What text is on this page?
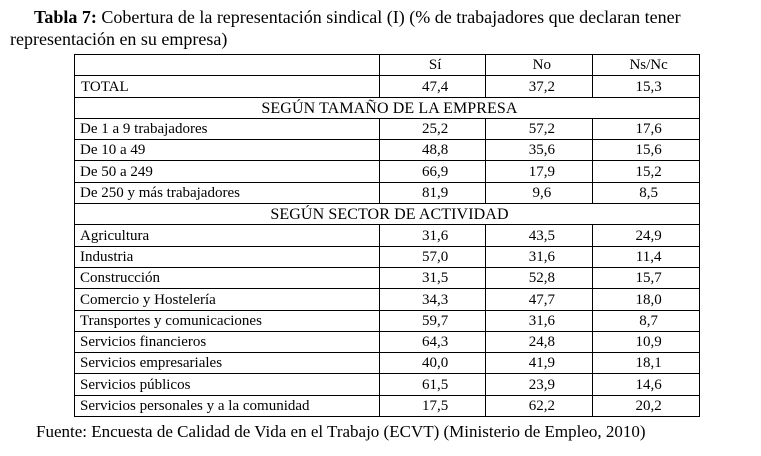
Tabla 7: Cobertura de la representación sindical (I) (% de trabajadores que declaran tener representación en su empresa)
	Sí	No	Ns/Nc
TOTAL	47,4	37,2	15,3
SEGÚN TAMAÑO DE LA EMPRESA			
De 1 a 9 trabajadores	25,2	57,2	17,6
De 10 a 49	48,8	35,6	15,6
De 50 a 249	66,9	17,9	15,2
De 250 y más trabajadores	81,9	9,6	8,5
SEGÚN SECTOR DE ACTIVIDAD			
Agricultura	31,6	43,5	24,9
Industria	57,0	31,6	11,4
Construcción	31,5	52,8	15,7
Comercio y Hostelería	34,3	47,7	18,0
Transportes y comunicaciones	59,7	31,6	8,7
Servicios financieros	64,3	24,8	10,9
Servicios empresariales	40,0	41,9	18,1
Servicios públicos	61,5	23,9	14,6
Servicios personales y a la comunidad	17,5	62,2	20,2
Fuente: Encuesta de Calidad de Vida en el Trabajo (ECVT) (Ministerio de Empleo, 2010)
